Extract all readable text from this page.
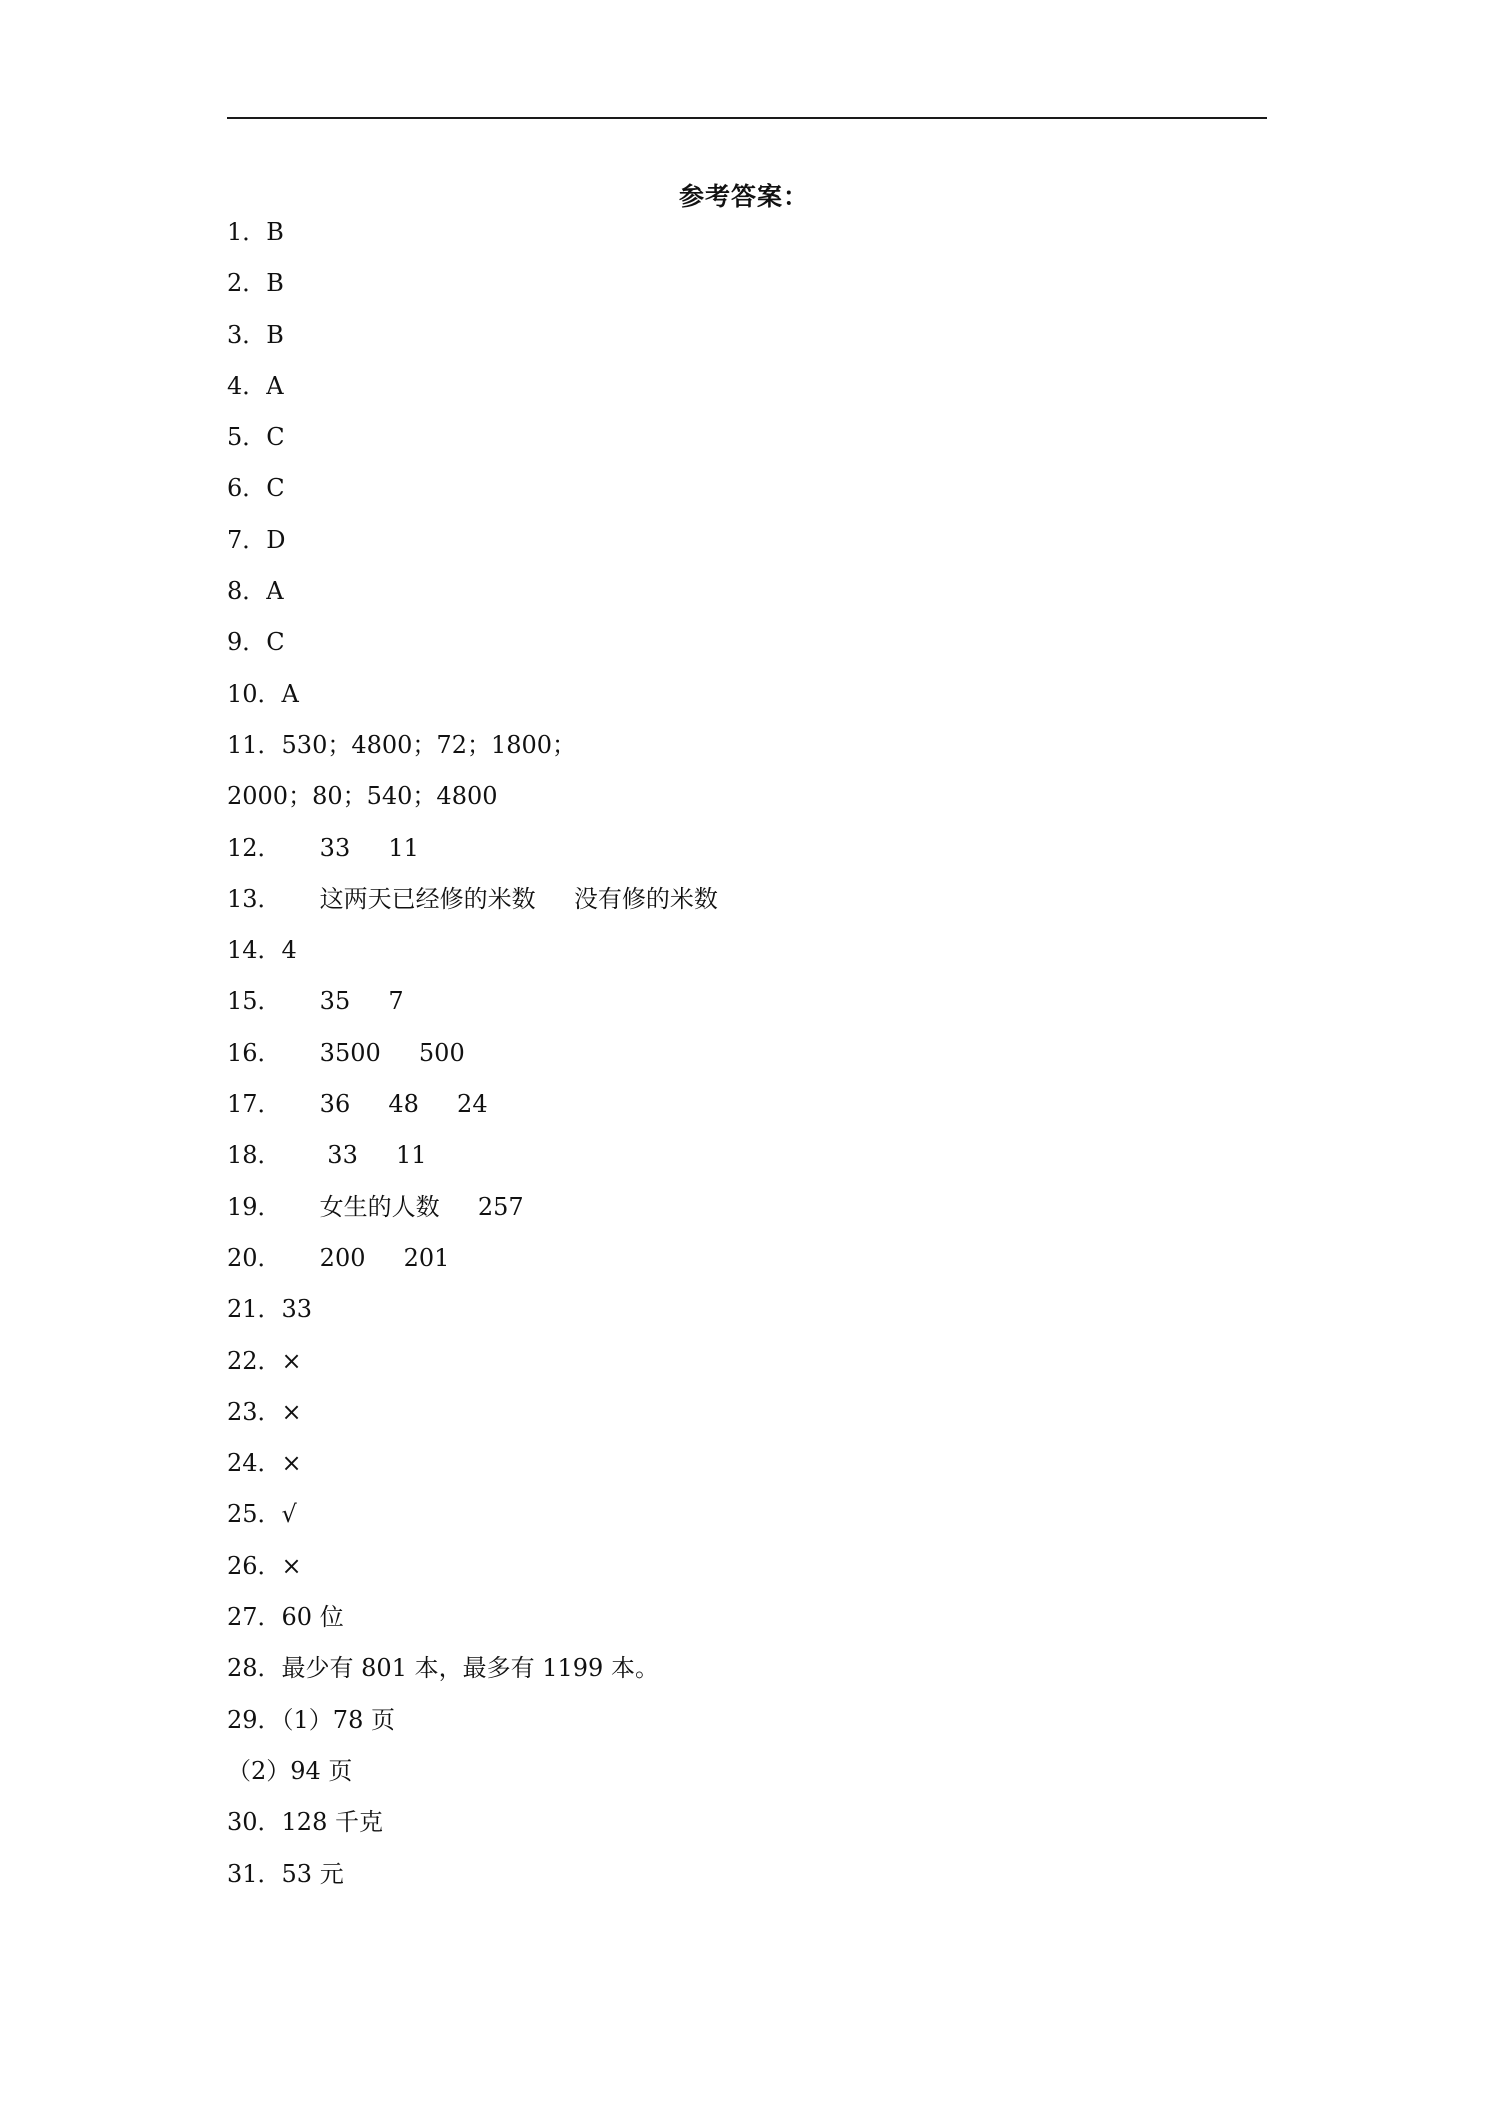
参考答案：
1．B
2．B
3．B
4．A
5．C
6．C
7．D
8．A
9．C
10．A
11．530；4800；72；1800；
2000；80；540；4800
12．     33     11
13．     这两天已经修的米数     没有修的米数
14．4
15．     35     7
16．     3500     500
17．     36     48     24
18．      33     11
19．     女生的人数     257
20．     200     201
21．33
22．×
23．×
24．×
25．√
26．×
27．60 位
28．最少有 801 本，最多有 1199 本。
29．（1）78 页
（2）94 页
30．128 千克
31．53 元
